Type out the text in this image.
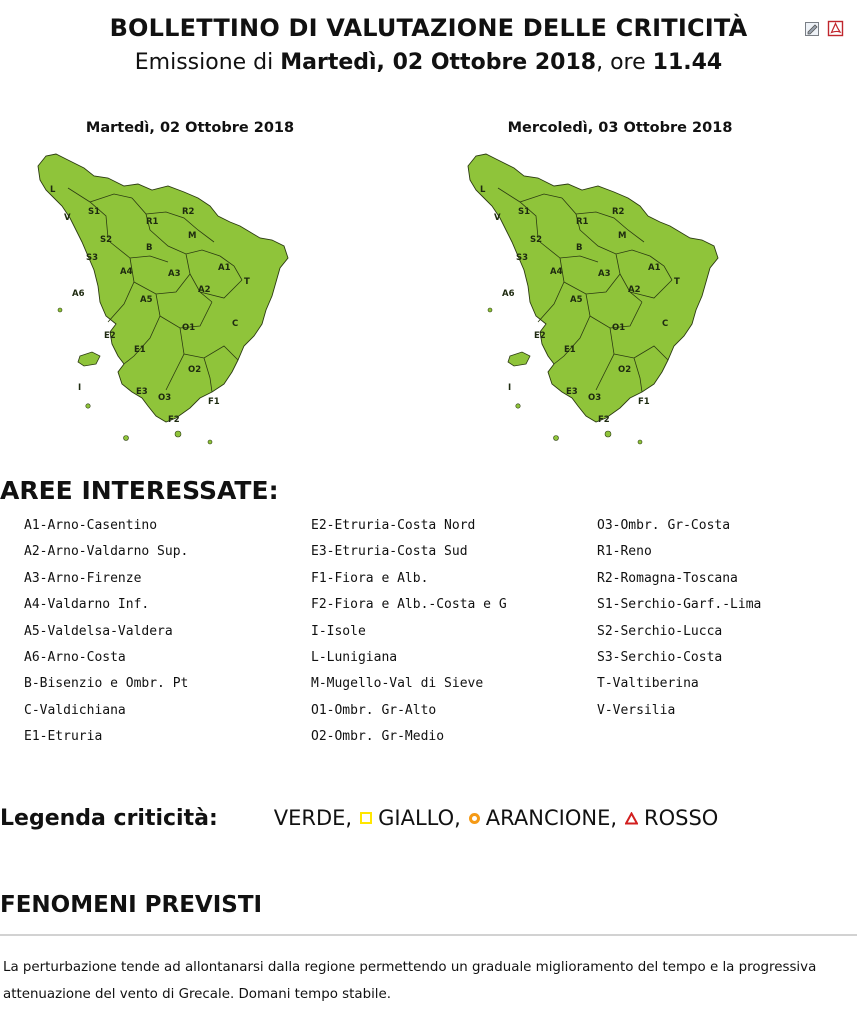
BOLLETTINO DI VALUTAZIONE DELLE CRITICITÀ
Emissione di Martedì, 02 Ottobre 2018, ore 11.44
Martedì, 02 Ottobre 2018
L
V
S1
S2
S3
R1
R2
M
B
A4	A3
A1
T
A6
A5
A2
C
E2
E1
O1
O2
I	E3
O3	F1
F2
Mercoledì, 03 Ottobre 2018
L
V
S1
S2
S3
R1
R2
M
B
A4	A3
A1
T
A6
A5
A2
C
E2
E1
O1
O2
I	E3
O3	F1
F2
AREE INTERESSATE:
A1-Arno-Casentino
A2-Arno-Valdarno Sup.
A3-Arno-Firenze
A4-Valdarno Inf.
A5-Valdelsa-Valdera
A6-Arno-Costa
B-Bisenzio e Ombr. Pt
C-Valdichiana
E1-Etruria
E2-Etruria-Costa Nord
E3-Etruria-Costa Sud
F1-Fiora e Alb.
F2-Fiora e Alb.-Costa e G
I-Isole
L-Lunigiana
M-Mugello-Val di Sieve
O1-Ombr. Gr-Alto
O2-Ombr. Gr-Medio
O3-Ombr. Gr-Costa
R1-Reno
R2-Romagna-Toscana
S1-Serchio-Garf.-Lima
S2-Serchio-Lucca
S3-Serchio-Costa
T-Valtiberina
V-Versilia
Legenda criticità:	VERDE, GIALLO, ARANCIONE, ROSSO
FENOMENI PREVISTI

La perturbazione tende ad allontanarsi dalla regione permettendo un graduale miglioramento del tempo e la progressiva attenuazione del vento di Grecale. Domani tempo stabile.
